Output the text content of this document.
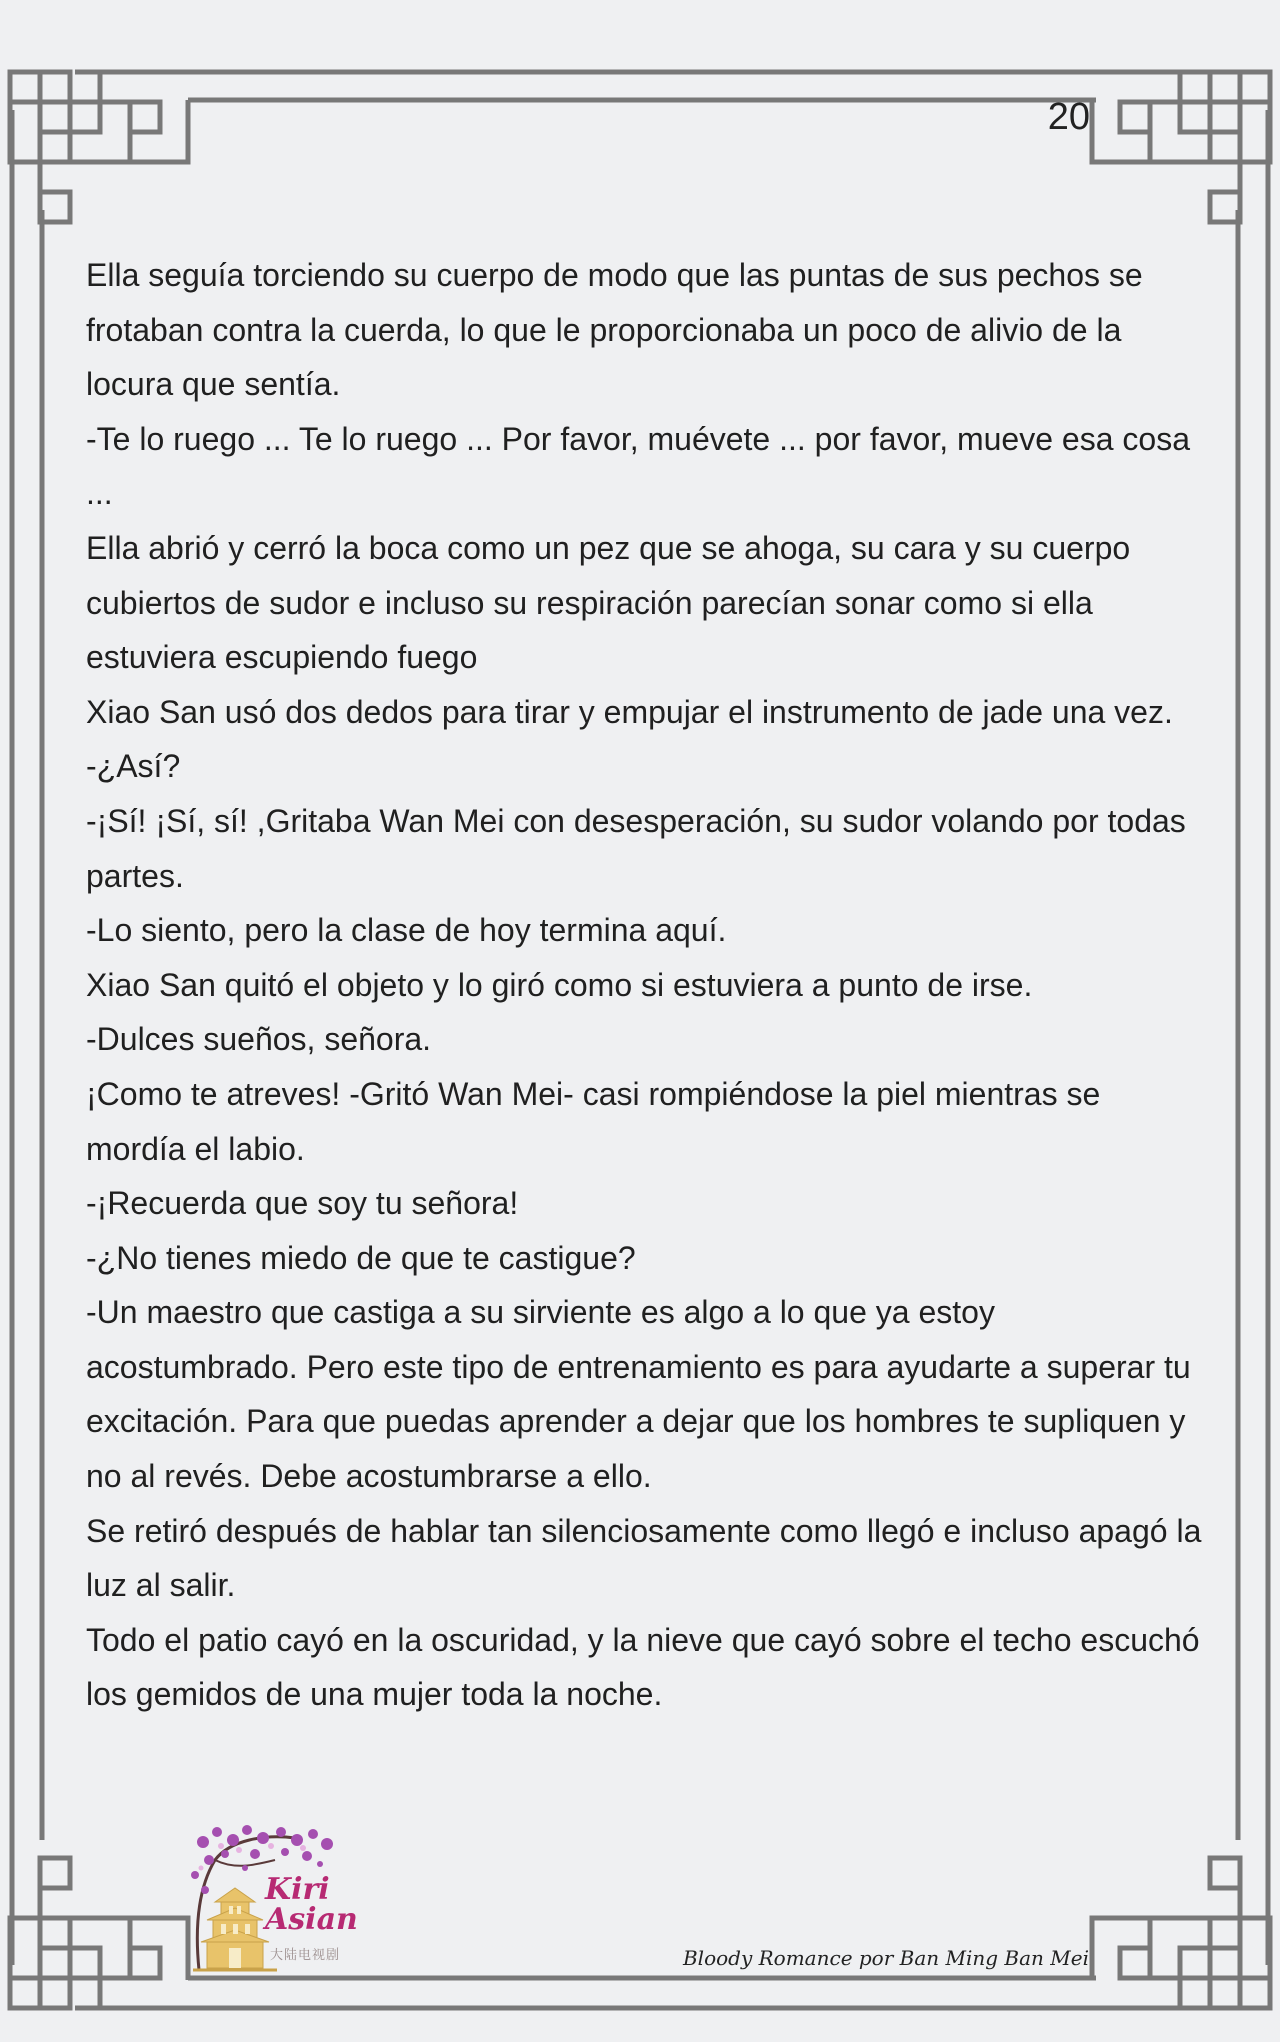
20

Ella seguía torciendo su cuerpo de modo que las puntas de sus pechos se frotaban contra la cuerda, lo que le proporcionaba un poco de alivio de la locura que sentía.

-Te lo ruego ... Te lo ruego ... Por favor, muévete ... por favor, mueve esa cosa ...

Ella abrió y cerró la boca como un pez que se ahoga, su cara y su cuerpo cubiertos de sudor e incluso su respiración parecían sonar como si ella estuviera escupiendo fuego

Xiao San usó dos dedos para tirar y empujar el instrumento de jade una vez.

-¿Así?

-¡Sí! ¡Sí, sí! ,Gritaba Wan Mei con desesperación, su sudor volando por todas partes.

-Lo siento, pero la clase de hoy termina aquí.

Xiao San quitó el objeto y lo giró como si estuviera a punto de irse.

-Dulces sueños, señora.

¡Como te atreves! -Gritó Wan Mei- casi rompiéndose la piel mientras se mordía el labio.

-¡Recuerda que soy tu señora!

-¿No tienes miedo de que te castigue?

-Un maestro que castiga a su sirviente es algo a lo que ya estoy acostumbrado. Pero este tipo de entrenamiento es para ayudarte a superar tu excitación. Para que puedas aprender a dejar que los hombres te supliquen y no al revés. Debe acostumbrarse a ello.

Se retiró después de hablar tan silenciosamente como llegó e incluso apagó la luz al salir.

Todo el patio cayó en la oscuridad, y la nieve que cayó sobre el techo escuchó los gemidos de una mujer toda la noche.

Kiri
Asian
大陆电视剧	Bloody Romance por Ban Ming Ban Mei
